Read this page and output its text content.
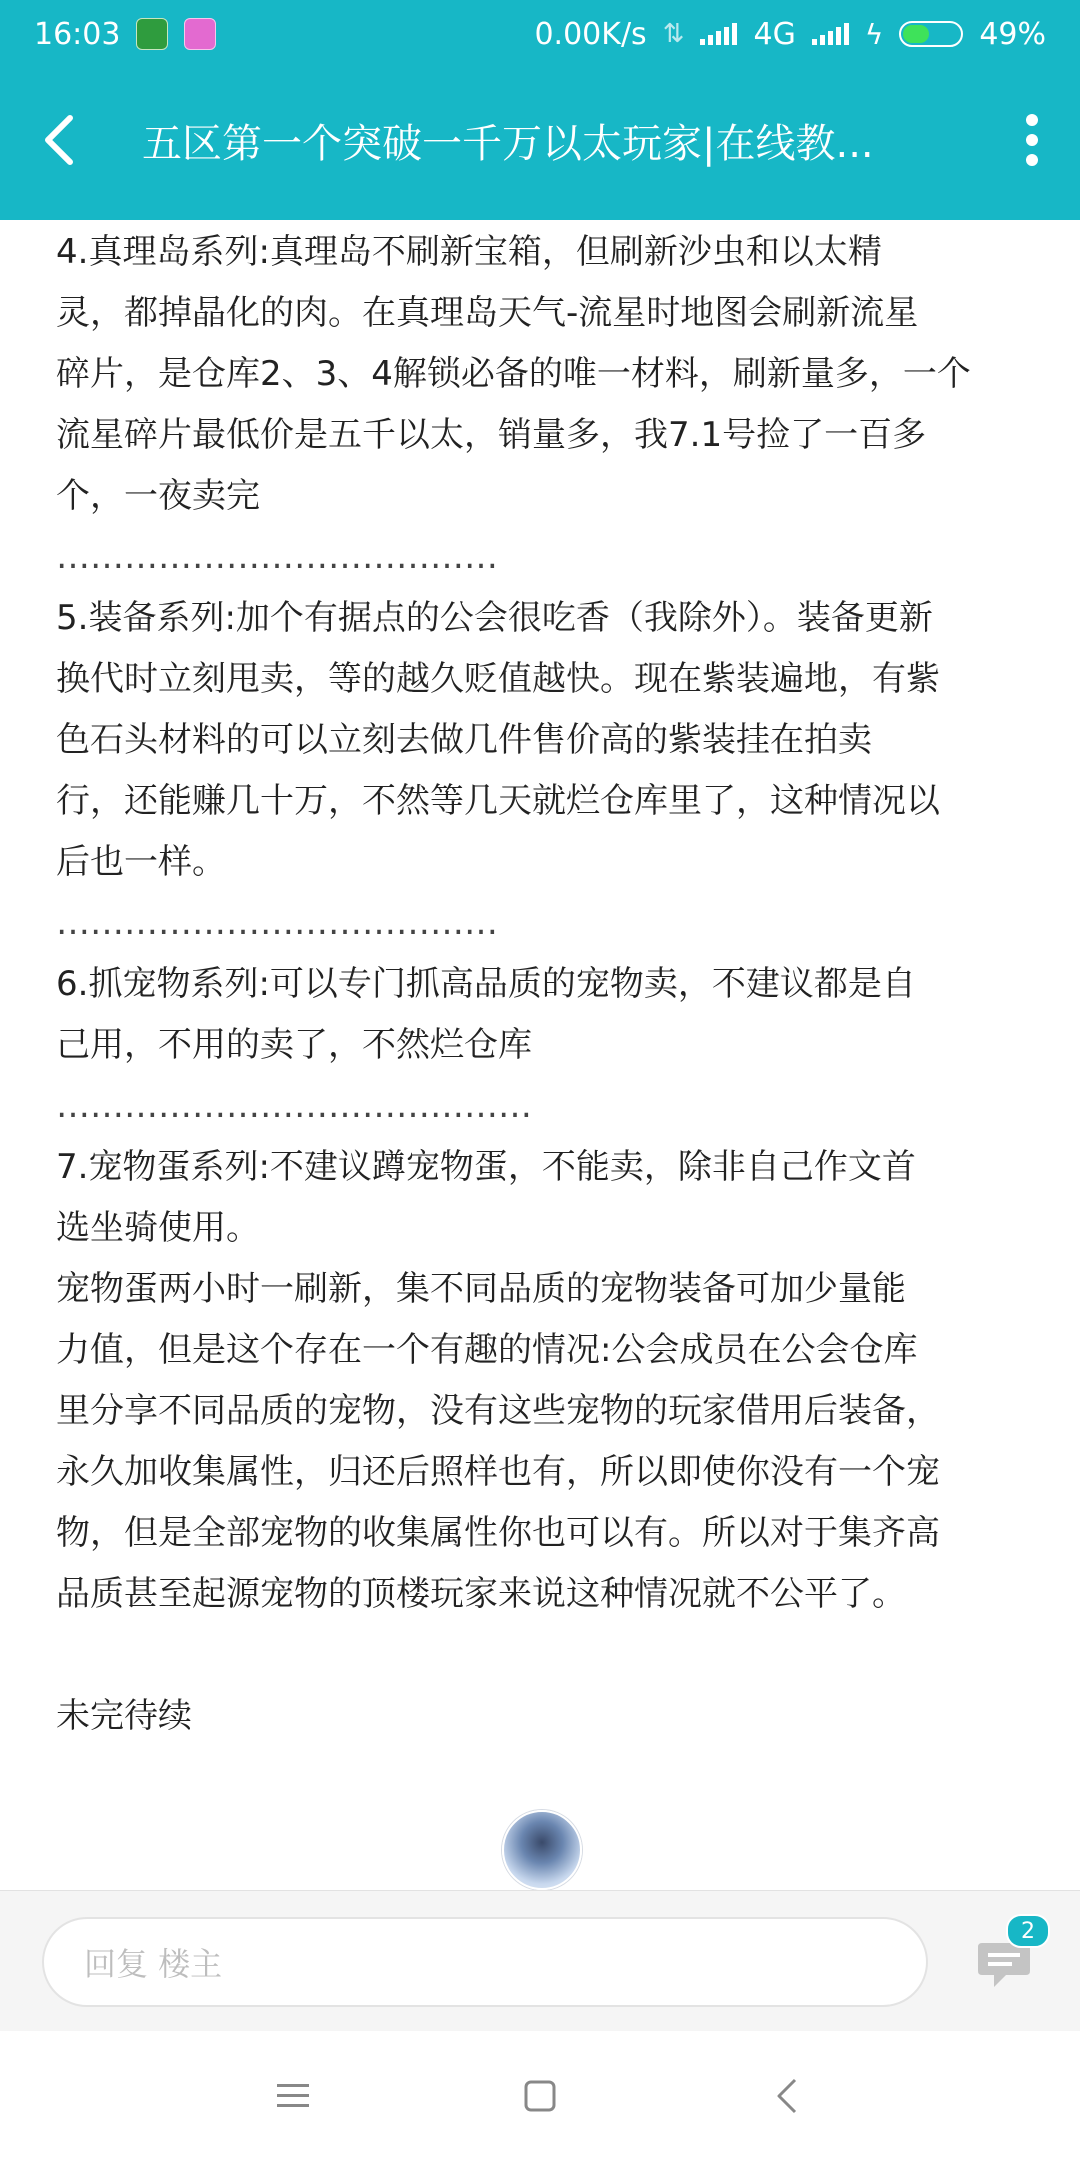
16:03	0.00K/s ⇅ 4G ϟ	49%
五区第一个突破一千万以太玩家|在线教...

4.真理岛系列:真理岛不刷新宝箱，但刷新沙虫和以太精

灵，都掉晶化的肉。在真理岛天气-流星时地图会刷新流星

碎片，是仓库2、3、4解锁必备的唯一材料，刷新量多，一个

流星碎片最低价是五千以太，销量多，我7.1号捡了一百多

个，一夜卖完

…………………………………

5.装备系列:加个有据点的公会很吃香（我除外）。装备更新

换代时立刻甩卖，等的越久贬值越快。现在紫装遍地，有紫

色石头材料的可以立刻去做几件售价高的紫装挂在拍卖

行，还能赚几十万，不然等几天就烂仓库里了，这种情况以

后也一样。

…………………………………

6.抓宠物系列:可以专门抓高品质的宠物卖，不建议都是自

己用，不用的卖了，不然烂仓库

……………………………………

7.宠物蛋系列:不建议蹲宠物蛋，不能卖，除非自己作文首

选坐骑使用。

宠物蛋两小时一刷新，集不同品质的宠物装备可加少量能

力值，但是这个存在一个有趣的情况:公会成员在公会仓库

里分享不同品质的宠物，没有这些宠物的玩家借用后装备，

永久加收集属性，归还后照样也有，所以即使你没有一个宠

物，但是全部宠物的收集属性你也可以有。所以对于集齐高

品质甚至起源宠物的顶楼玩家来说这种情况就不公平了。

未完待续

回复 楼主
2
